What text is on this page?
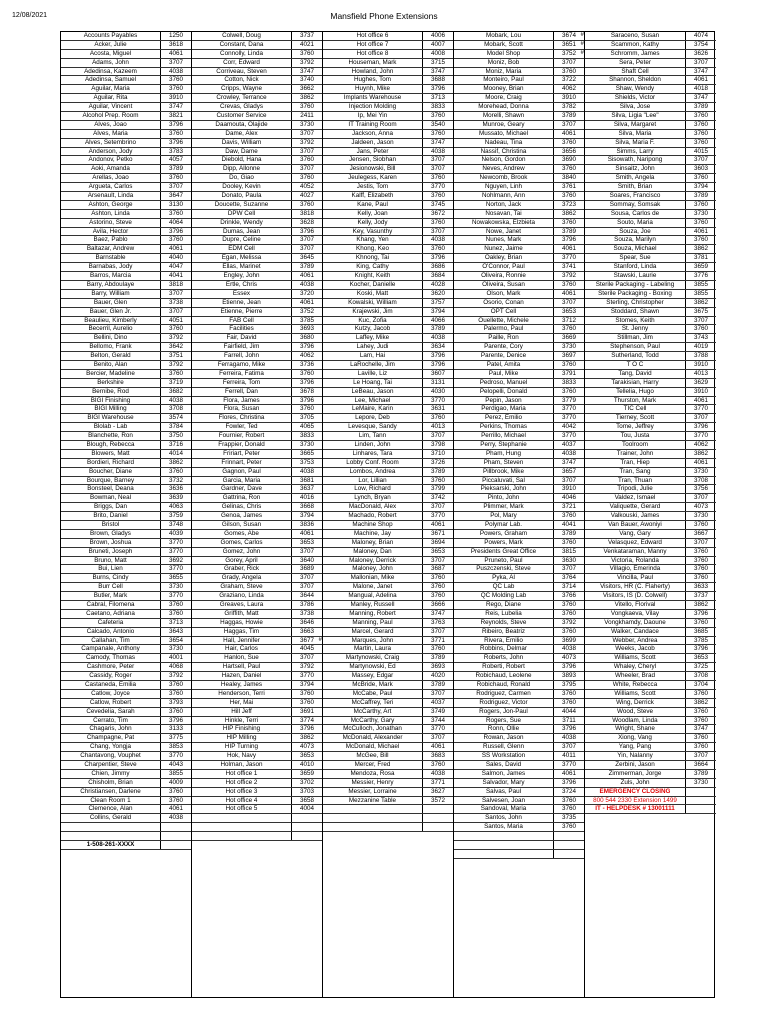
12/08/2021	Mansfield Phone Extensions
Accounts Payables	1250
Acker, Julie	3618
Acosta, Miguel	4061
Adams, John	3707
Adedinsa, Kazeem	4038
Adedinsa, Samuel	3760
Aguilar, Maria	3760
Aguilar, Rita	3910
Aguilar, Vincent	3747
Alcohol Prep. Room	3821
Alves, Joao	3796
Alves, Maria	3760
Alves, Setembrino	3796
Anderson, Jody	3783
Andonov, Petko	4057
Aoki, Amanda	3789
Arellas, Joao	3760
Argueta, Carlos	3707
Arsenault, Linda	3647
Ashton, George	3130
Ashton, Linda	3760
Astorino, Steve	4064
Avila, Hector	3796
Baez, Pablo	3760
Baltazar, Andrew	4061
Barnstable	4040
Barnabas, Jody	4047
Barros, Marcia	4041
Barry, Abdoulaye	3818
Barry, William	3707
Bauer, Glen	3738
Bauer, Glen Jr.	3707
Beaulieu, Kimberly	4051
Becerril, Aurelio	3760
Bellini, Dino	3792
Bellomo, Frank	3642
Belton, Gerald	3751
Benito, Alan	3792
Bercier, Madeline	3760
Berkshire	3719
Bernibe, Rod	3682
BIGI Finishing	4038
BIGI Milling	3708
BIGI Warehouse	3574
Blolab - Lab	3784
Blanchette, Ron	3750
Blough, Rebecca	3716
Blowers, Matt	4014
Bordieri, Richard	3862
Boucher, Diane	3760
Bourque, Barney	3732
Bonsteel, Deana	3636
Bowman, Neal	3639
Briggs, Dan	4063
Brito, Daniel	3759
Bristol	3748
Brown, Gladys	4039
Brown, Joshua	3770
Bruneti, Joseph	3770
Bruno, Matt	3692
Bui, Lien	3770
Burns, Cindy	3655
Burr Cell	3730
Butler, Mark	3770
Cabral, Filomena	3760
Caetano, Adriana	3760
Cafeteria	3713
Calcado, Antonio	3643
Callahan, Tim	3654
Campanale, Anthony	3730
Camody, Thomas	4001
Cashmore, Peter	4068
Cassidy, Roger	3792
Castaneda, Emilia	3760
Catlow, Joyce	3760
Catlow, Robert	3793
Cevedelia, Sarah	3760
Cerrato, Tim	3796
Chagaris, John	3133
Champagne, Pat	3775
Chang, Yongja	3853
Chantavong, Vouphet	3770
Charpentier, Steve	4043
Chien, Jimmy	3855
Chisholm, Brian	4009
Christiansen, Darlene	3760
Clean Room 1	3760
Clemence, Alan	4061
Collins, Gerald	4038
1-508-261-XXXX
Colwell, Doug	3737
Constant, Dana	4021
Connolly, Linda	3760
Corr, Edward	3792
Corriveau, Steven	3747
Cotton, Nick	3740
Cripps, Wayne	3662
Crowley, Terrance	3862
Crevas, Gladys	3760
Customer Service	2411
Daamouta, Olajide	3730
Dame, Alex	3707
Davis, William	3792
Daw, Dame	3707
Diebold, Hana	3760
Dipp, Allonne	3707
Do, Giao	3760
Dooley, Kevin	4052
Donato, Paula	4027
Doucette, Suzanne	3760
DPW Cell	3818
Drinkle, Wendy	3628
Dumas, Jean	3796
Dupre, Celine	3707
EDM Cell	3707
Egan, Melissa	3645
Ellas, Marinet	3789
Engley, John	4061
Ertle, Chris	4038
Essex	3720
Etienne, Jean	4061
Etienne, Pierre	3752
FAB Cell	3785
Facilities	3693
Fair, David	3680
Fairfield, Jim	3796
Farrell, John	4062
Ferragamo, Mike	3736
Ferreira, Fatima	3760
Ferreira, Tom	3796
Ferrell, Dan	3678
Flora, James	3796
Flora, Susan	3760
Flores, Christina	3705
Fowler, Ted	4065
Fournier, Robert	3833
Frappier, Donald	3730
Fririart, Peter	3665
Frinnart, Peter	3753
Gagnon, Paul	4038
Garcia, Maria	3681
Gardner, Dave	3637
Gattrina, Ron	4016
Gelinas, Chris	3668
Genoa, James	3794
Gilson, Susan	3836
Gomes, Abe	4061
Gomes, Carlos	3653
Gomez, John	3707
Gorey, April	3640
Graber, Rick	3689
Grady, Angela	3707
Graham, Steve	3707
Graziano, Linda	3644
Greaves, Laura	3786
Griffith, Matt	3738
Haggas, Howie	3646
Haggas, Tim	3663
Hall, Jennifer	3677 #
Hair, Carlos	4045
Hanlon, Sue	3707
Hartsell, Paul	3792
Hazen, Daniel	3770
Healey, James	3794
Henderson, Terri	3760
Her, Mai	3760
Hill Jeff	3691
Hinkle, Terri	3774
HIP Finishing	3796
HIP Milling	3862
HIP Turning	4073
Hok, Navy	3653
Holman, Jason	4010
Hot office 1	3659
Hot office 2	3702
Hot office 3	3703
Hot office 4	3658
Hot office 5	4004
Hot office 6	4006
Hot office 7	4007
Hot office 8	4008
Houseman, Mark	3715
Howland, John	3747
Hughes, Tom	3688
Huynh, Mike	3796
Implants Warehouse	3713
Injection Molding	3833
Ip, Mei Yin	3760
IT Training Room	3540
Jackson, Anna	3760
Jaldeen, Jason	3747
Jans, Peter	4038
Jensen, Siobhan	3707
Jesionowski, Bill	3707
Jeulegess, Karen	3760
Jestis, Tom	3770
Kalff, Elizabeth	3760
Kane, Paul	3745
Kelly, Joan	3672
Kelly, Jody	3760
Key, Vasunthy	3707
Khang, Yen	4038
Khong, Keo	3760
Khnong, Tai	3796
King, Cathy	3686
Knight, Keith	3684
Kocher, Danielle	4028
Koski, Matt	3620
Kowalski, William	3757
Krajewski, Jim	3794
Kuc, Zofia	4066
Kutzy, Jacob	3789
Laffey, Mike	4038
Lahey, Judi	3634
Lam, Hai	3796
LaRochelle, Jim	3796
Laville, Liz	3607
Le Hoang, Tai	3131
LeBeau, Jason	4030
Lee, Michael	3770
LeMaire, Karin	3631
Lepore, Deb	3760
Levesque, Sandy	4013
Lim, Tann	3707
Linden, John	3798
Linhares, Tara	3710
Lobby Conf. Room	3726
Lombos, Andrea	3789
Lor, Lillian	3760
Low, Richard	3799
Lynch, Bryan	3742
MacDonald, Alex	3707
Machado, Robert	3770
Machine Shop	4061
Machine, Jay	3671
Maloney, Brian	3694
Maloney, Dan	3653
Maloney, Derrick	3707
Maloney, John	3687
Mallonian, Mike	3760
Malone, Janet	3760
Mangual, Adelina	3760
Manley, Russell	3666
Manning, Robert	3747
Manning, Paul	3763
Marcel, Gerard	3707
Marques, John	3771
Martin, Laura	3760
Martynowski, Craig	3789
Martynowski, Ed	3693
Massey, Edgar	4020
McBride, Mark	3789
McCabe, Paul	3707
McCaffrey, Teri	4037
McCarthy, Art	3749
McCarthy, Gary	3744
McCulloch, Jonathan	3770
McDonald, Alexander	3707
McDonald, Michael	4061
McGee, Bill	3683
Mercer, Fred	3760
Mendoza, Rosa	4038
Messier, Henry	3771
Messier, Lorraine	3627
Mezzanine Table	3572
Mobark, Lou	3674 #
Mobark, Scott	3651 #
Model Shop	3752 #
Moniz, Bob	3707
Moniz, Maria	3760
Monteiro, Paul	3722
Mooney, Brian	4062
Moore, Craig	3910
Morehead, Donna	3782
Morelli, Shawn	3789
Munroe, Geary	3707
Mussato, Michael	4061
Nadeau, Tina	3760
Nassif, Christina	3656
Nelson, Gordon	3690
Neves, Andrew	3760
Newcomb, Brook	3840
Nguyen, Linh	3761
Nohlmann, Ann	3760
Norton, Jack	3723
Nosavan, Tai	3862
Nowakowska, Elzbieta	3760
Nowe, Janet	3789
Nunes, Mark	3796
Nunez, Jaime	4061
Oakley, Brian	3770
O'Connor, Paul	3741
Oliveira, Ronnie	3792
Oliveira, Susan	3760
Olson, Mark	4061
Osorio, Conan	3707
OPT Cell	3653
Ouellette, Michele	3712
Palermo, Paul	3760
Paille, Ron	3669
Parente, Cory	3730
Parente, Denice	3697
Patel, Amita	3760
Paul, Mike	3791
Pedroso, Manuel	3833
Pelopelli, Donald	3760
Pepin, Jason	3779
Perdigao, Maria	3770
Perez, Emilio	3770
Perkins, Thomas	4042
Perrillo, Michael	3770
Perry, Stephanie	4037
Pham, Hung	4038
Pham, Steven	3747
Pillbrook, Mike	3657
Piccaluvati, Sal	3707
Pieksarski, John	3910
Pinto, John	4046
Plimmer, Mark	3721
Pol, Mary	3760
Polymar Lab.	4041
Powers, Graham	3789
Powers, Mark	3760
Presidents Great Office	3815
Pruneto, Paul	3630
Puszczenski, Steve	3707
Pyka, Al	3764
QC Lab	3714
QC Molding Lab	3766
Rego, Diane	3760
Reis, Lubelia	3760
Reynolds, Steve	3792
Ribeiro, Beatriz	3760
Rivera, Emilio	3699
Robbins, Delmar	4038
Roberts, John	4073
Roberti, Robert	3796
Robichaud, Leolene	3893
Robichaud, Ronald	3795
Rodriguez, Carmen	3760
Rodriguez, Victor	3760
Rogers, Jon-Paul	4044
Rogers, Sue	3711
Ronn, Ollie	3796
Rowan, Jason	4038
Russell, Glenn	3707
SS Workstation	4011
Sales, David	3770
Salmon, James	4061
Salvador, Mary	3796
Salvas, Paul	3724
Salvesen, Joan	3760
Sandoval, Maria	3760
Santos, John	3735
Santos, Maria	3760
Saraceno, Susan	4074
Scammon, Kathy	3754
Schromm, James	3626
Sera, Peter	3707
Shaft Cell	3747
Shannon, Sheldon	4061
Shaw, Wendy	4018
Shields, Victor	3747
Silva, Jose	3789
Silva, Ligia "Lee"	3760
Silva, Margaret	3760
Silva, Maria	3760
Silva, Maria F.	3760
Simms, Larry	4015
Sisowath, Naripong	3707
Sinsaitz, John	3603
Smith, Angela	3760
Smith, Brian	3794
Soares, Francisco	3789
Sommay, Somsak	3760
Sousa, Carlos de	3730
Souto, Maria	3760
Souza, Joe	4061
Souza, Marilyn	3760
Souza, Michael	3862
Spear, Sue	3781
Stanford, Linda	3659
Stawski, Laurie	3776
Sterile Packaging - Labeling	3855
Sterile Packaging - Boxing	3855
Sterling, Christopher	3862
Stoddard, Shawn	3675
Stomes, Keith	3707
St. Jenny	3760
Stillman, Jim	3743
Stephenson, Paul	4019
Sutherland, Todd	3788
T O C	3910
Tang, David	4013
Tarakisian, Harry	3629
Tellelia, Hugo	3910
Thurston, Mark	4061
TIC Cell	3770
Tierney, Scott	3707
Tome, Jeffrey	3796
Tou, Justa	3770
Toolroom	4062
Trainer, John	3862
Tran, Hiep	4061
Tran, Sang	3730
Tran, Thuan	3708
Tripodi, Julie	3756
Valdez, Ismael	3707
Valiquette, Gerard	4073
Valkouski, James	3730
Van Bauer, Awoniyi	3760
Vang, Gary	3667
Velasquez, Edward	3707
Venkataraman, Manny	3760
Victoria, Rolanda	3760
Villagio, Emerinda	3760
Vincilla, Paul	3760
Visitors, HR (C. Flaherty)	3633
Visitors, IS (D. Colwell)	3737
Vitello, Florival	3862
Vongkaeva, Vilay	3796
Vongkhamdy, Daoune	3760
Walker, Candace	3685
Webber, Andrea	3785
Weeks, Jacob	3796
Williams, Scott	3653
Whaley, Cheryl	3725
Wheeler, Brad	3708
White, Rebecca	3704
Williams, Scott	3760
Wing, Derrick	3862
Wood, Steve	3760
Woodlam, Linda	3760
Wright, Shane	3747
Xiong, Vang	3760
Yang, Pang	3760
Yin, Nalanny	3707
Zerbini, Jason	3664
Zimmerman, Jorge	3789
Zuls, John	3730
EMERGENCY CLOSING
800 544 2330 Extension 1499
IT - HELPDESK # 13001111
